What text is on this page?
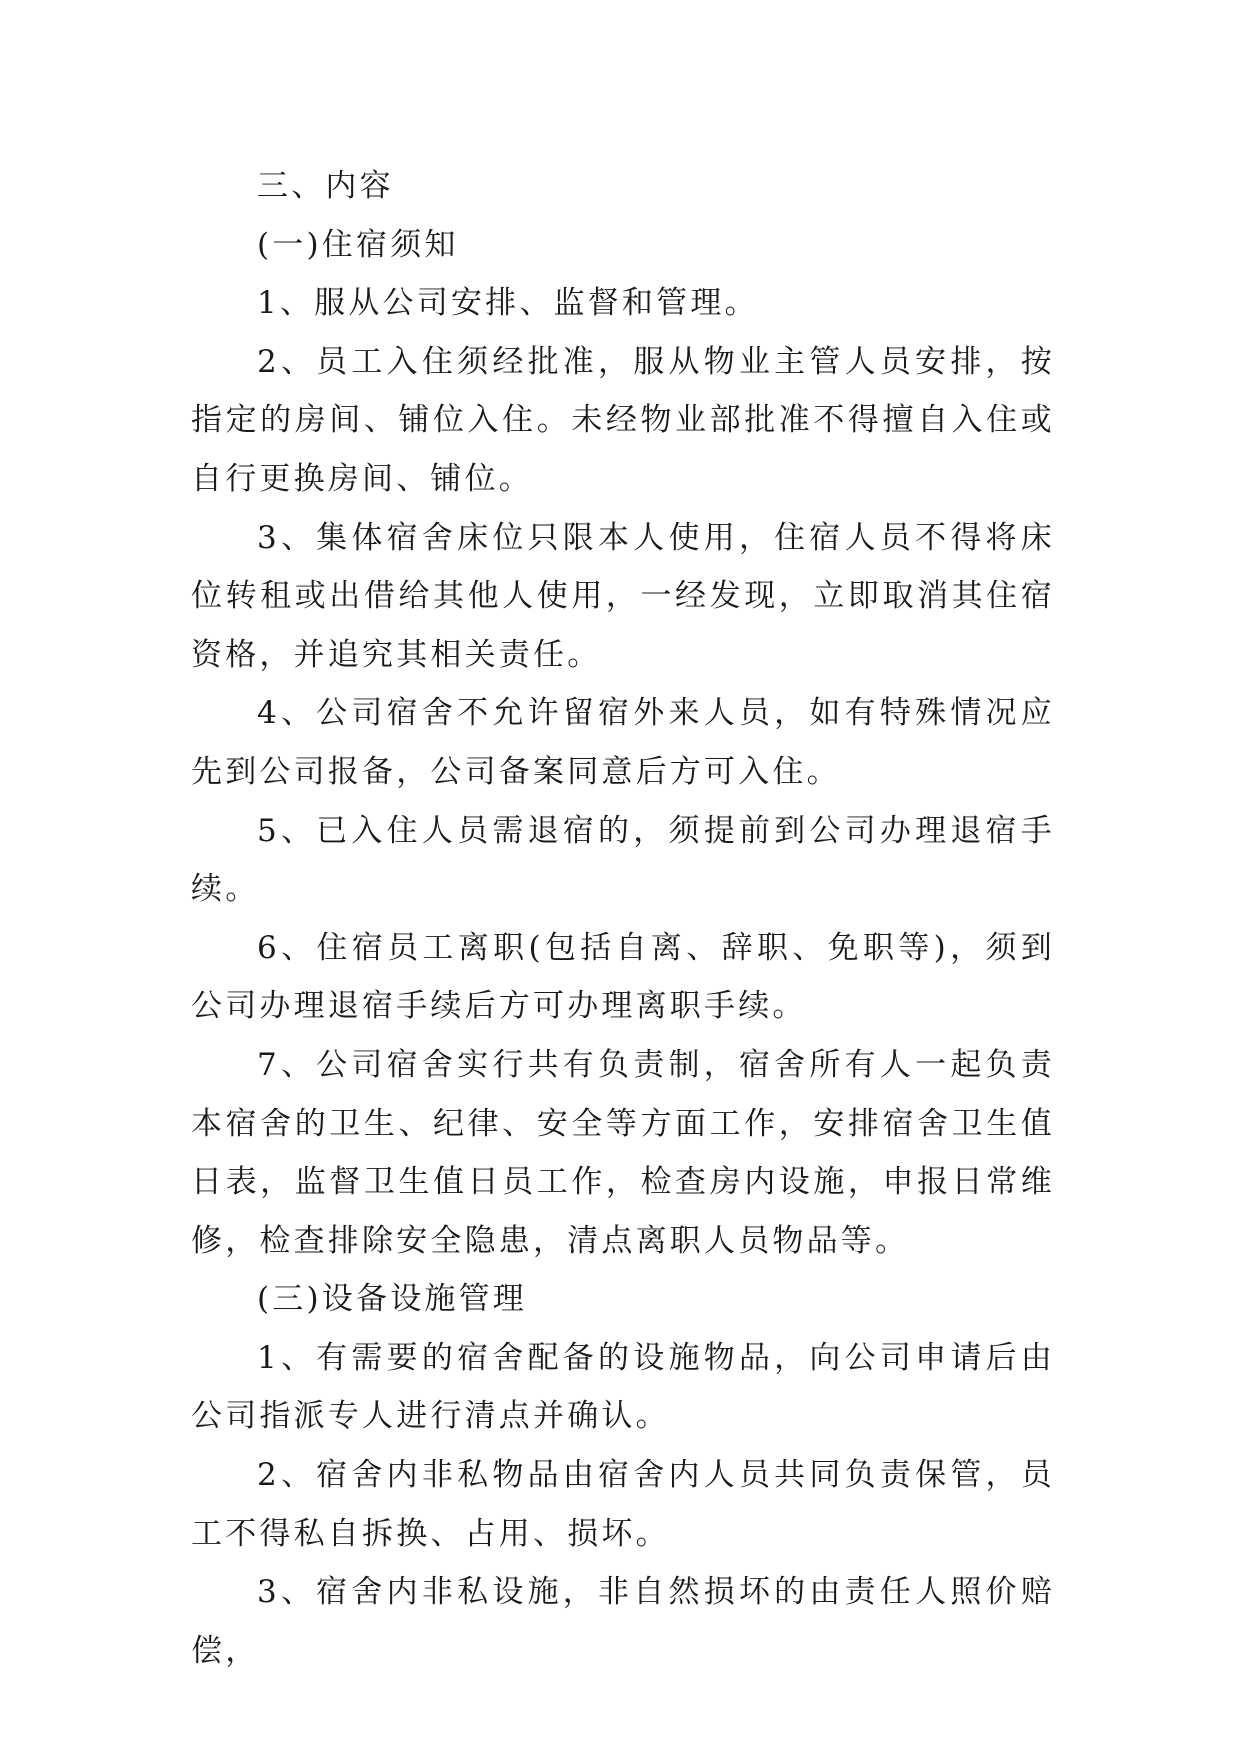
三、内容

(一)住宿须知

1、服从公司安排、监督和管理。

2、员工入住须经批准，服从物业主管人员安排，按指定的房间、铺位入住。未经物业部批准不得擅自入住或自行更换房间、铺位。

3、集体宿舍床位只限本人使用，住宿人员不得将床位转租或出借给其他人使用，一经发现，立即取消其住宿资格，并追究其相关责任。

4、公司宿舍不允许留宿外来人员，如有特殊情况应先到公司报备，公司备案同意后方可入住。

5、已入住人员需退宿的，须提前到公司办理退宿手续。

6、住宿员工离职(包括自离、辞职、免职等)，须到公司办理退宿手续后方可办理离职手续。

7、公司宿舍实行共有负责制，宿舍所有人一起负责本宿舍的卫生、纪律、安全等方面工作，安排宿舍卫生值日表，监督卫生值日员工作，检查房内设施，申报日常维修，检查排除安全隐患，清点离职人员物品等。

(三)设备设施管理

1、有需要的宿舍配备的设施物品，向公司申请后由公司指派专人进行清点并确认。

2、宿舍内非私物品由宿舍内人员共同负责保管，员工不得私自拆换、占用、损坏。

3、宿舍内非私设施，非自然损坏的由责任人照价赔偿，
